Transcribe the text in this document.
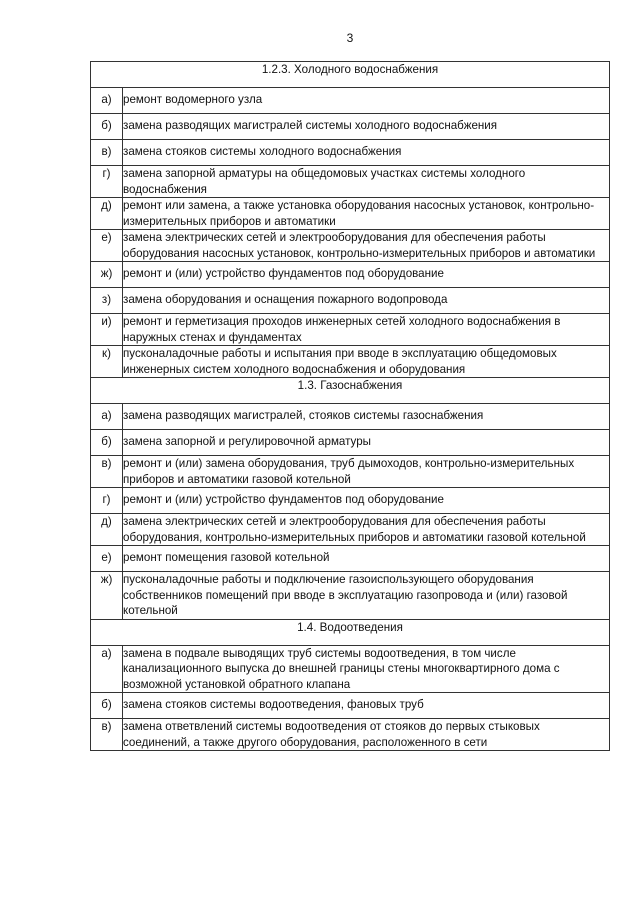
3
1.2.3. Холодного водоснабжения	
а)	ремонт водомерного узла
б)	замена разводящих магистралей системы холодного водоснабжения
в)	замена стояков системы холодного водоснабжения
г)	замена запорной арматуры на общедомовых участках системы холодного водоснабжения
д)	ремонт или замена, а также установка оборудования насосных установок, контрольно-измерительных приборов и автоматики
е)	замена электрических сетей и электрооборудования для обеспечения работы оборудования насосных установок, контрольно-измерительных приборов и автоматики
ж)	ремонт и (или) устройство фундаментов под оборудование
з)	замена оборудования и оснащения пожарного водопровода
и)	ремонт и герметизация проходов инженерных сетей холодного водоснабжения в наружных стенах и фундаментах
к)	пусконаладочные работы и испытания при вводе в эксплуатацию общедомовых инженерных систем холодного водоснабжения и оборудования
1.3. Газоснабжения	
а)	замена разводящих магистралей, стояков системы газоснабжения
б)	замена запорной и регулировочной арматуры
в)	ремонт и (или) замена оборудования, труб дымоходов, контрольно-измерительных приборов и автоматики газовой котельной
г)	ремонт и (или) устройство фундаментов под оборудование
д)	замена электрических сетей и электрооборудования для обеспечения работы оборудования, контрольно-измерительных приборов и автоматики газовой котельной
е)	ремонт помещения газовой котельной
ж)	пусконаладочные работы и подключение газоиспользующего оборудования собственников помещений при вводе в эксплуатацию газопровода и (или) газовой котельной
1.4. Водоотведения	
а)	замена в подвале выводящих труб системы водоотведения, в том числе канализационного выпуска до внешней границы стены многоквартирного дома с возможной установкой обратного клапана
б)	замена стояков системы водоотведения, фановых труб
в)	замена ответвлений системы водоотведения от стояков до первых стыковых соединений, а также другого оборудования, расположенного в сети
